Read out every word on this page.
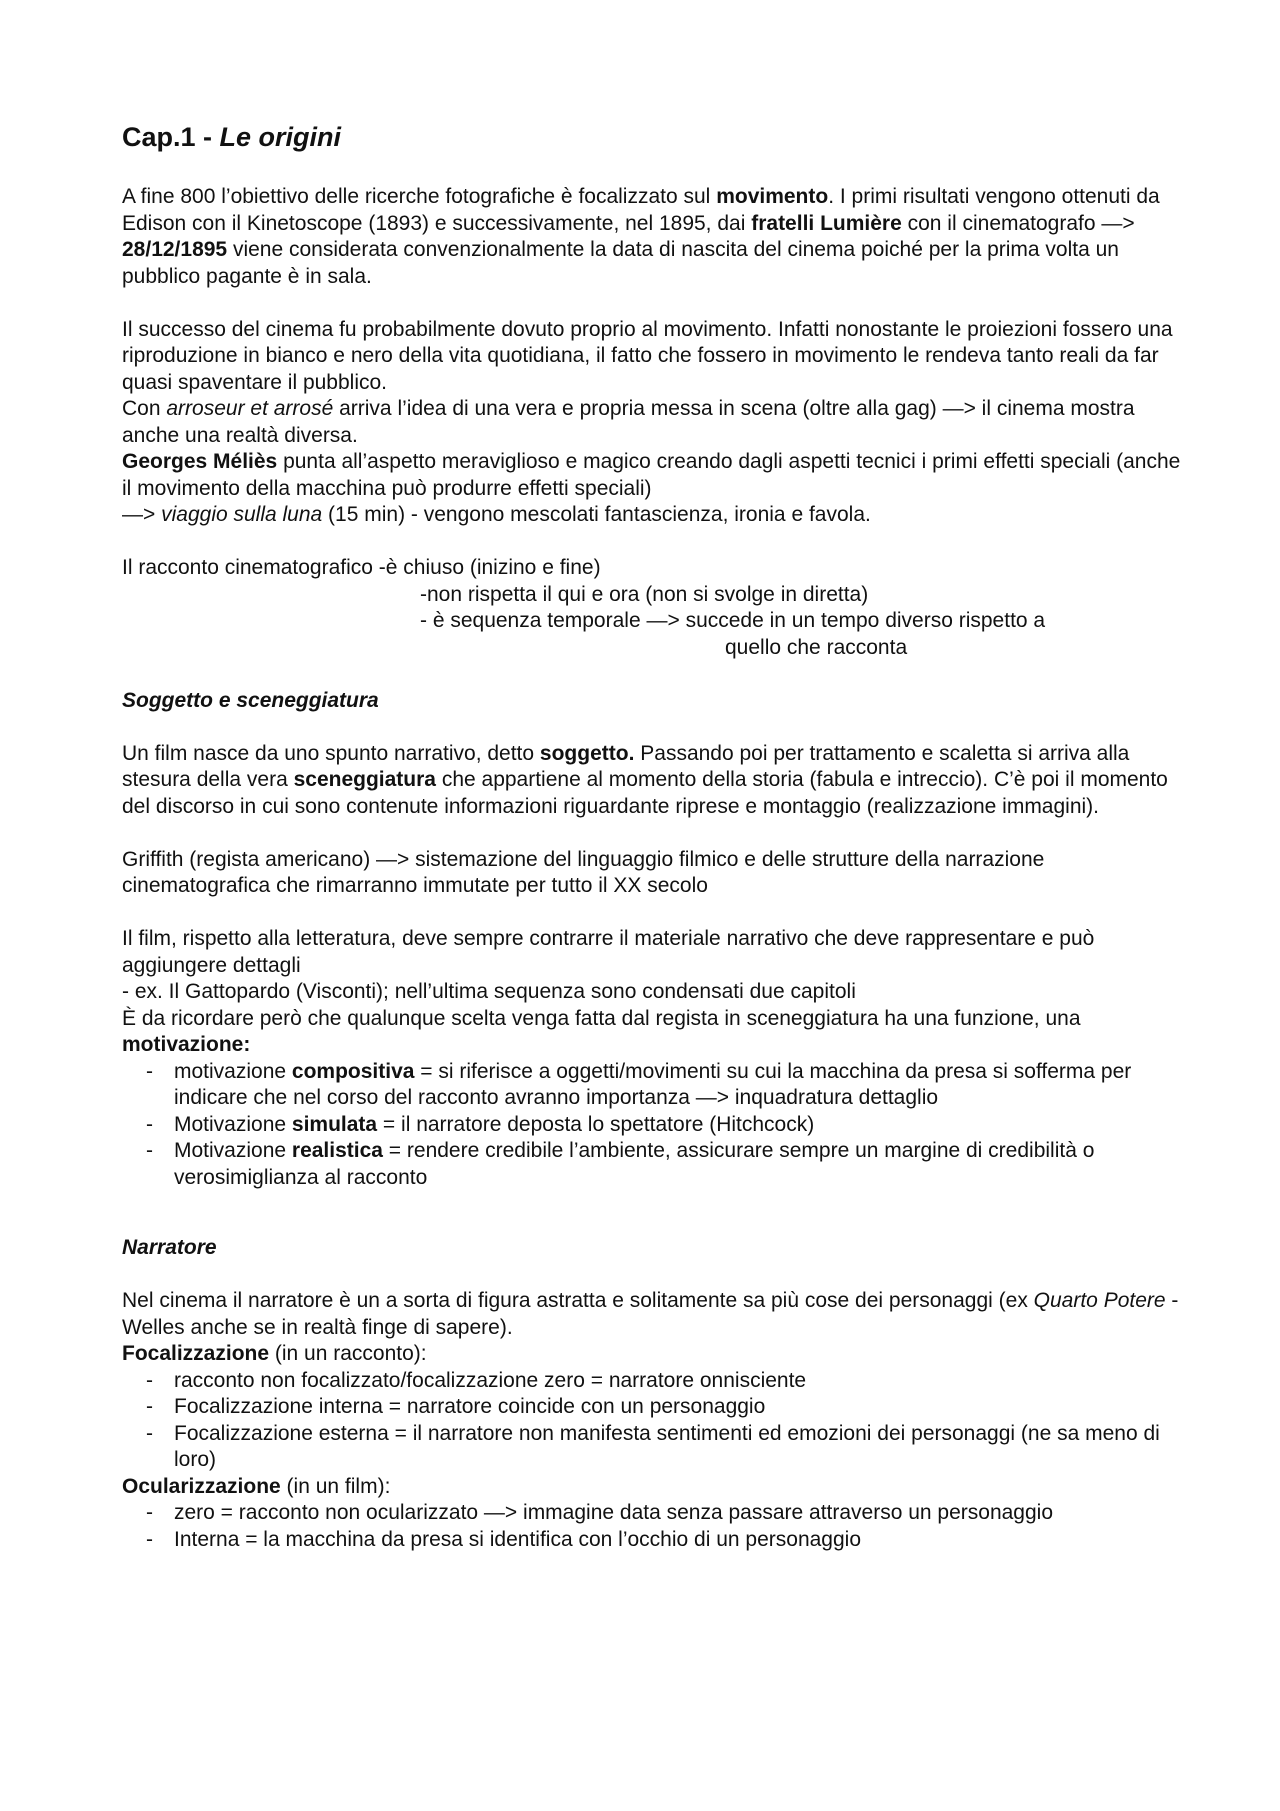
Cap.1 - Le origini

A fine 800 l’obiettivo delle ricerche fotografiche è focalizzato sul movimento. I primi risultati vengono ottenuti da Edison con il Kinetoscope (1893) e successivamente, nel 1895, dai fratelli Lumière con il cinematografo —> 28/12/1895 viene considerata convenzionalmente la data di nascita del cinema poiché per la prima volta un pubblico pagante è in sala.

Il successo del cinema fu probabilmente dovuto proprio al movimento. Infatti nonostante le proiezioni fossero una riproduzione in bianco e nero della vita quotidiana, il fatto che fossero in movimento le rendeva tanto reali da far quasi spaventare il pubblico.

Con arroseur et arrosé arriva l’idea di una vera e propria messa in scena (oltre alla gag) —> il cinema mostra anche una realtà diversa.

Georges Méliès punta all’aspetto meraviglioso e magico creando dagli aspetti tecnici i primi effetti speciali (anche il movimento della macchina può produrre effetti speciali)

—> viaggio sulla luna (15 min) - vengono mescolati fantascienza, ironia e favola.

Il racconto cinematografico -è chiuso (inizino e fine)

-non rispetta il qui e ora (non si svolge in diretta)

- è sequenza temporale —> succede in un tempo diverso rispetto a

quello che racconta

Soggetto e sceneggiatura

Un film nasce da uno spunto narrativo, detto soggetto. Passando poi per trattamento e scaletta si arriva alla stesura della vera sceneggiatura che appartiene al momento della storia (fabula e intreccio). C’è poi il momento del discorso in cui sono contenute informazioni riguardante riprese e montaggio (realizzazione immagini).

Griffith (regista americano) —> sistemazione del linguaggio filmico e delle strutture della narrazione cinematografica che rimarranno immutate per tutto il XX secolo

Il film, rispetto alla letteratura, deve sempre contrarre il materiale narrativo che deve rappresentare e può aggiungere dettagli

- ex. Il Gattopardo (Visconti); nell’ultima sequenza sono condensati due capitoli

È da ricordare però che qualunque scelta venga fatta dal regista in sceneggiatura ha una funzione, una motivazione:

- motivazione compositiva = si riferisce a oggetti/movimenti su cui la macchina da presa si sofferma per indicare che nel corso del racconto avranno importanza —> inquadratura dettaglio
- Motivazione simulata = il narratore deposta lo spettatore (Hitchcock)
- Motivazione realistica = rendere credibile l’ambiente, assicurare sempre un margine di credibilità o verosimiglianza al racconto

Narratore

Nel cinema il narratore è un a sorta di figura astratta e solitamente sa più cose dei personaggi (ex Quarto Potere -Welles anche se in realtà finge di sapere).

Focalizzazione (in un racconto):

- racconto non focalizzato/focalizzazione zero = narratore onnisciente
- Focalizzazione interna = narratore coincide con un personaggio
- Focalizzazione esterna = il narratore non manifesta sentimenti ed emozioni dei personaggi (ne sa meno di loro)

Ocularizzazione (in un film):

- zero = racconto non ocularizzato —> immagine data senza passare attraverso un personaggio
- Interna = la macchina da presa si identifica con l’occhio di un personaggio
